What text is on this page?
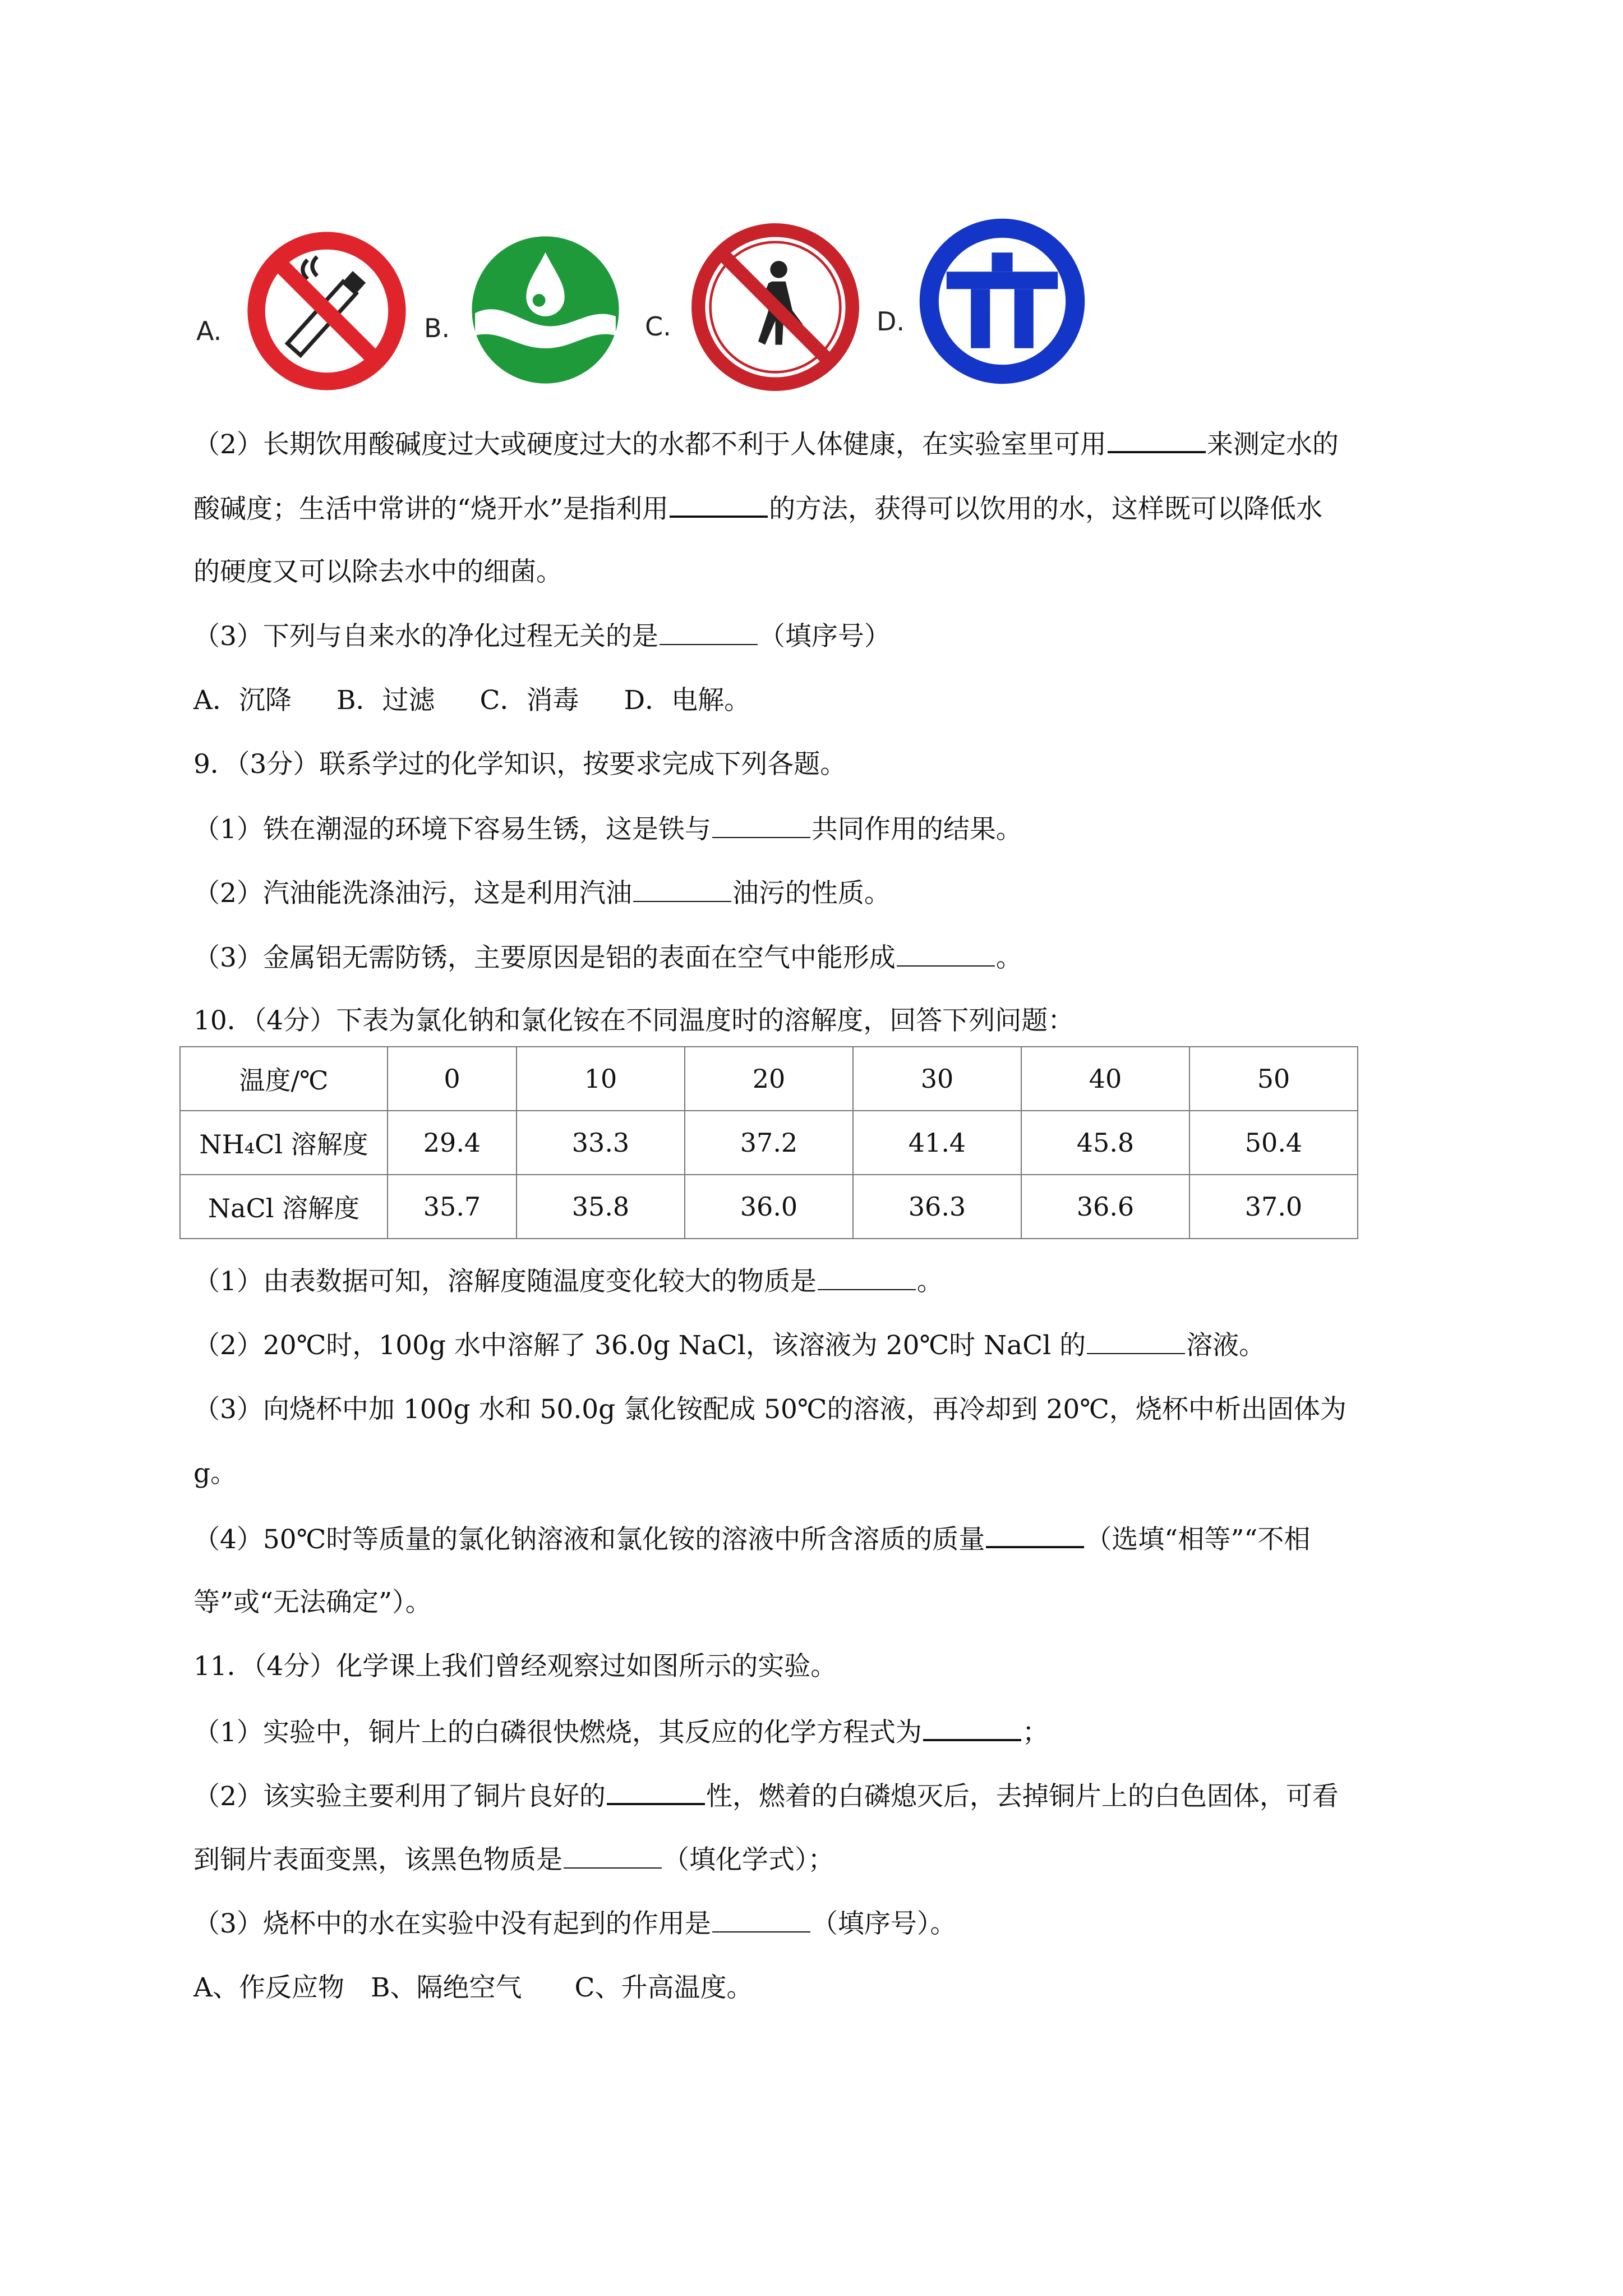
A.	B.	C.	D.
（2）长期饮用酸碱度过大或硬度过大的水都不利于人体健康，在实验室里可用	来测定水的
酸碱度；生活中常讲的“烧开水”是指利用	的方法，获得可以饮用的水，这样既可以降低水
的硬度又可以除去水中的细菌。
（3）下列与自来水的净化过程无关的是	（填序号）
A．沉降 B．过滤 C．消毒 D．电解。
9．（3分）联系学过的化学知识，按要求完成下列各题。
（1）铁在潮湿的环境下容易生锈，这是铁与	共同作用的结果。
（2）汽油能洗涤油污，这是利用汽油	油污的性质。
（3）金属铝无需防锈，主要原因是铝的表面在空气中能形成	。
10．（4分）下表为氯化钠和氯化铵在不同温度时的溶解度，回答下列问题：
温度/℃	0	10	20	30	40	50
NH₄Cl 溶解度	29.4	33.3	37.2	41.4	45.8	50.4
NaCl 溶解度	35.7	35.8	36.0	36.3	36.6	37.0
（1）由表数据可知，溶解度随温度变化较大的物质是	。
（2）20℃时，100g 水中溶解了 36.0g NaCl，该溶液为 20℃时 NaCl 的	溶液。
（3）向烧杯中加 100g 水和 50.0g 氯化铵配成 50℃的溶液，再冷却到 20℃，烧杯中析出固体为
g。
（4）50℃时等质量的氯化钠溶液和氯化铵的溶液中所含溶质的质量	（选填“相等”“不相
等”或“无法确定”）。
11．（4分）化学课上我们曾经观察过如图所示的实验。
（1）实验中，铜片上的白磷很快燃烧，其反应的化学方程式为	；
（2）该实验主要利用了铜片良好的	性，燃着的白磷熄灭后，去掉铜片上的白色固体，可看
到铜片表面变黑，该黑色物质是	（填化学式）；
（3）烧杯中的水在实验中没有起到的作用是	（填序号）。
A、作反应物　B、隔绝空气　　C、升高温度。
